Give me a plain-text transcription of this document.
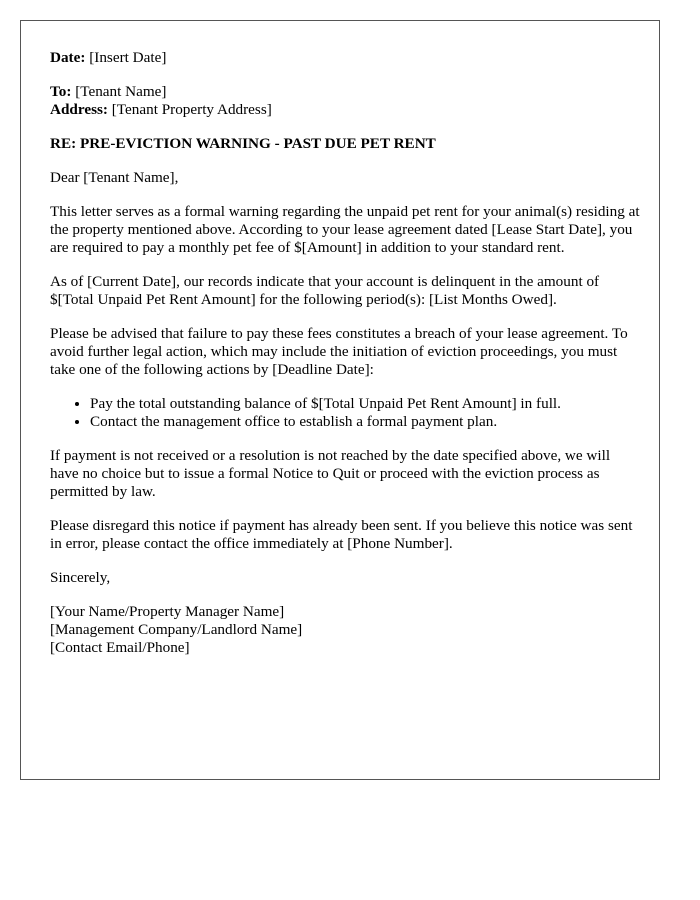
Date: [Insert Date]

To: [Tenant Name]

Address: [Tenant Property Address]

RE: PRE-EVICTION WARNING - PAST DUE PET RENT

Dear [Tenant Name],

This letter serves as a formal warning regarding the unpaid pet rent for your animal(s) residing at the property mentioned above. According to your lease agreement dated [Lease Start Date], you are required to pay a monthly pet fee of $[Amount] in addition to your standard rent.

As of [Current Date], our records indicate that your account is delinquent in the amount of $[Total Unpaid Pet Rent Amount] for the following period(s): [List Months Owed].

Please be advised that failure to pay these fees constitutes a breach of your lease agreement. To avoid further legal action, which may include the initiation of eviction proceedings, you must take one of the following actions by [Deadline Date]:

• Pay the total outstanding balance of $[Total Unpaid Pet Rent Amount] in full.
• Contact the management office to establish a formal payment plan.

If payment is not received or a resolution is not reached by the date specified above, we will have no choice but to issue a formal Notice to Quit or proceed with the eviction process as permitted by law.

Please disregard this notice if payment has already been sent. If you believe this notice was sent in error, please contact the office immediately at [Phone Number].

Sincerely,

[Your Name/Property Manager Name]

[Management Company/Landlord Name]

[Contact Email/Phone]
